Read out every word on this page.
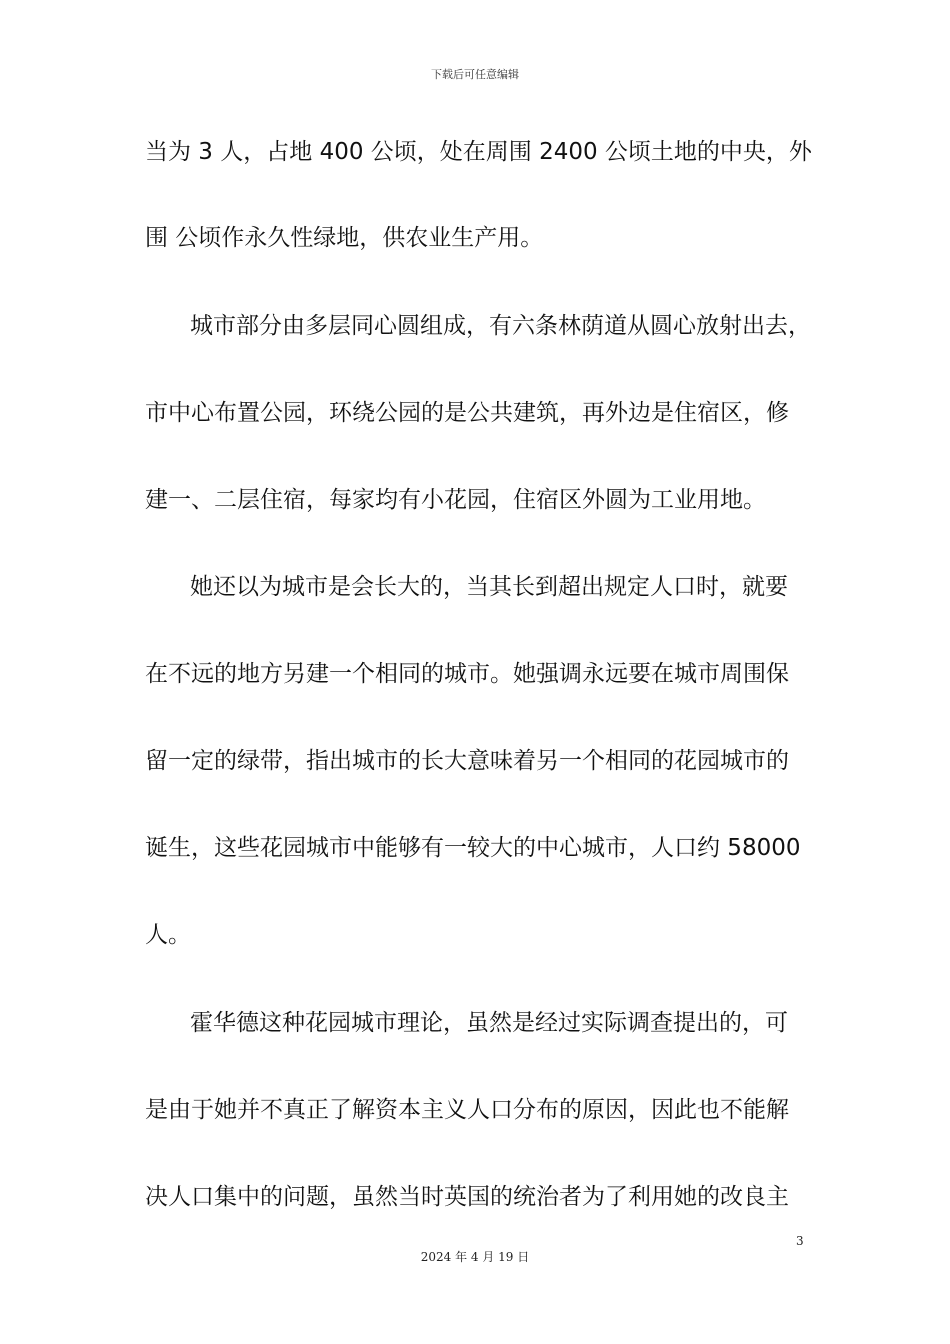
下载后可任意编辑
当为 3 人，占地 400 公顷，处在周围 2400 公顷土地的中央，外
围 公顷作永久性绿地，供农业生产用。
城市部分由多层同心圆组成，有六条林荫道从圆心放射出去，
市中心布置公园，环绕公园的是公共建筑，再外边是住宿区，修
建一、二层住宿，每家均有小花园，住宿区外圆为工业用地。
她还以为城市是会长大的，当其长到超出规定人口时，就要
在不远的地方另建一个相同的城市。她强调永远要在城市周围保
留一定的绿带，指出城市的长大意味着另一个相同的花园城市的
诞生，这些花园城市中能够有一较大的中心城市，人口约 58000
人。
霍华德这种花园城市理论，虽然是经过实际调查提出的，可
是由于她并不真正了解资本主义人口分布的原因，因此也不能解
决人口集中的问题，虽然当时英国的统治者为了利用她的改良主
3
2024 年 4 月 19 日
